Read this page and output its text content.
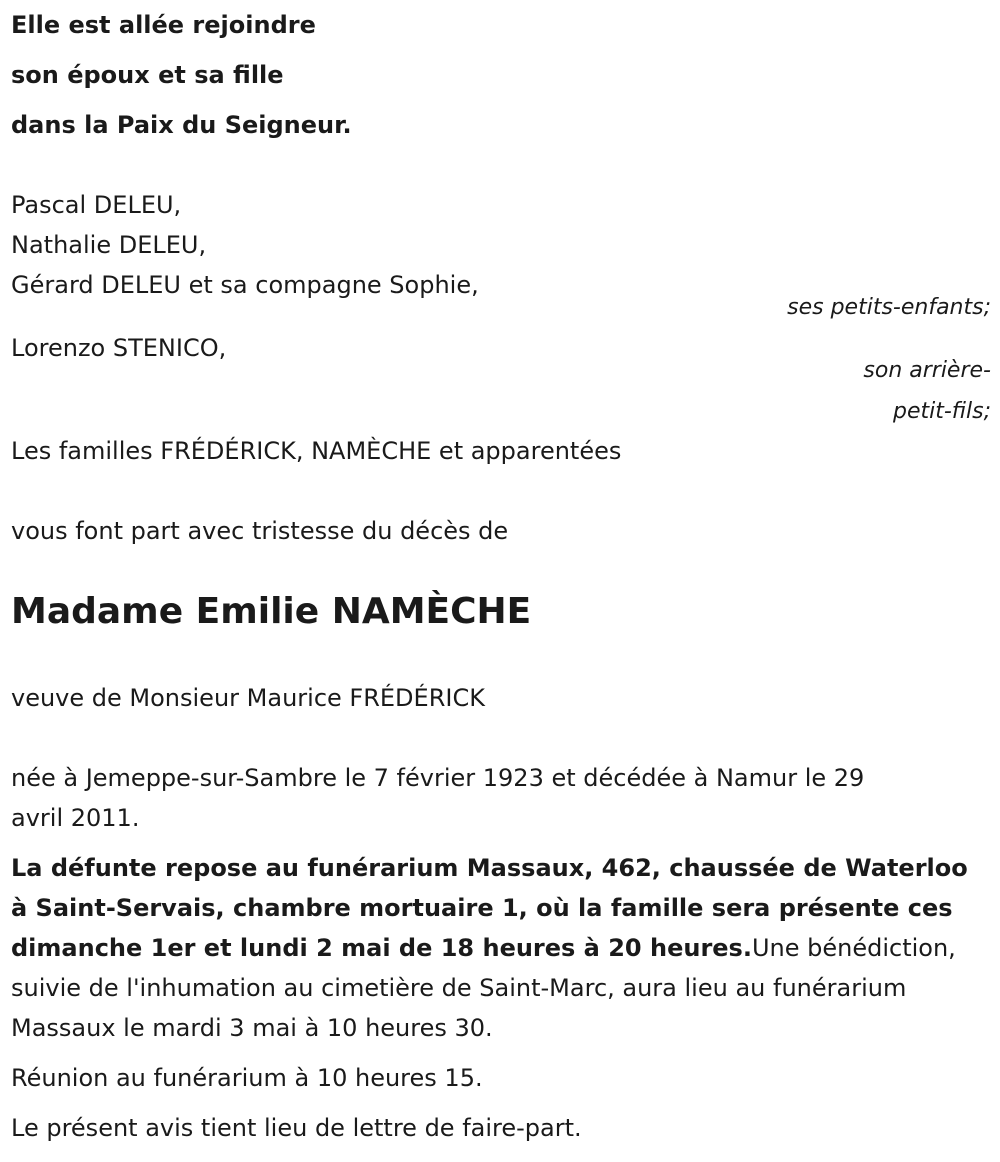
Elle est allée rejoindre
son époux et sa fille
dans la Paix du Seigneur.
Pascal DELEU,
Nathalie DELEU,
Gérard DELEU et sa compagne Sophie,
ses petits-enfants;
Lorenzo STENICO,
son arrière-
petit-fils;
Les familles FRÉDÉRICK, NAMÈCHE et apparentées
vous font part avec tristesse du décès de
Madame Emilie NAMÈCHE
veuve de Monsieur Maurice FRÉDÉRICK
née à Jemeppe-sur-Sambre le 7 février 1923 et décédée à Namur le 29
avril 2011.
La défunte repose au funérarium Massaux, 462, chaussée de Waterloo à Saint-Servais, chambre mortuaire 1, où la famille sera présente ces dimanche 1er et lundi 2 mai de 18 heures à 20 heures.Une bénédiction, suivie de l'inhumation au cimetière de Saint-Marc, aura lieu au funérarium Massaux le mardi 3 mai à 10 heures 30.
Réunion au funérarium à 10 heures 15.
Le présent avis tient lieu de lettre de faire-part.
